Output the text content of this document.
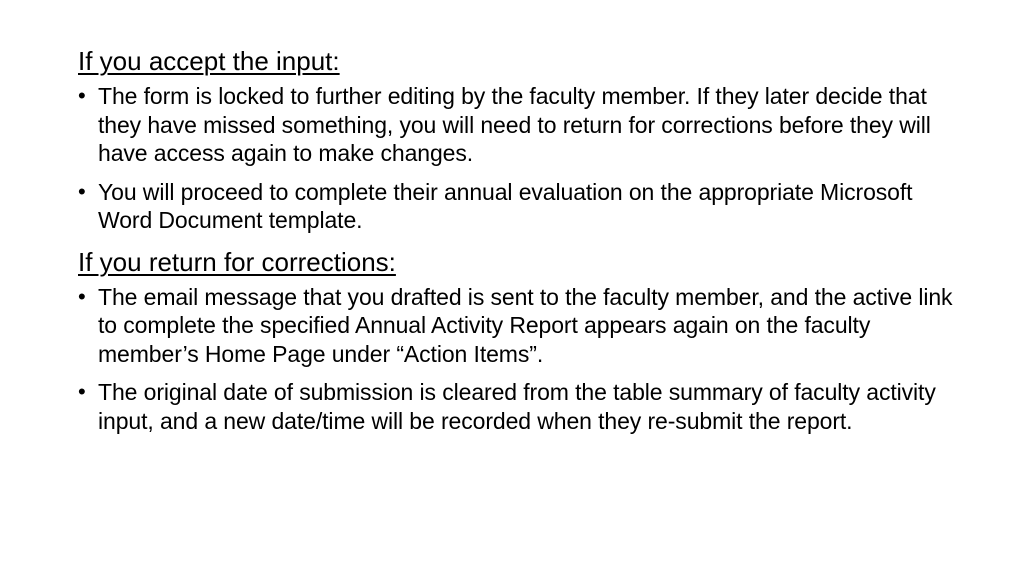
If you accept the input:
• The form is locked to further editing by the faculty member. If they later decide that they have missed something, you will need to return for corrections before they will have access again to make changes.
• You will proceed to complete their annual evaluation on the appropriate Microsoft Word Document template.
If you return for corrections:
• The email message that you drafted is sent to the faculty member, and the active link to complete the specified Annual Activity Report appears again on the faculty member’s Home Page under “Action Items”.
• The original date of submission is cleared from the table summary of faculty activity input, and a new date/time will be recorded when they re-submit the report.
